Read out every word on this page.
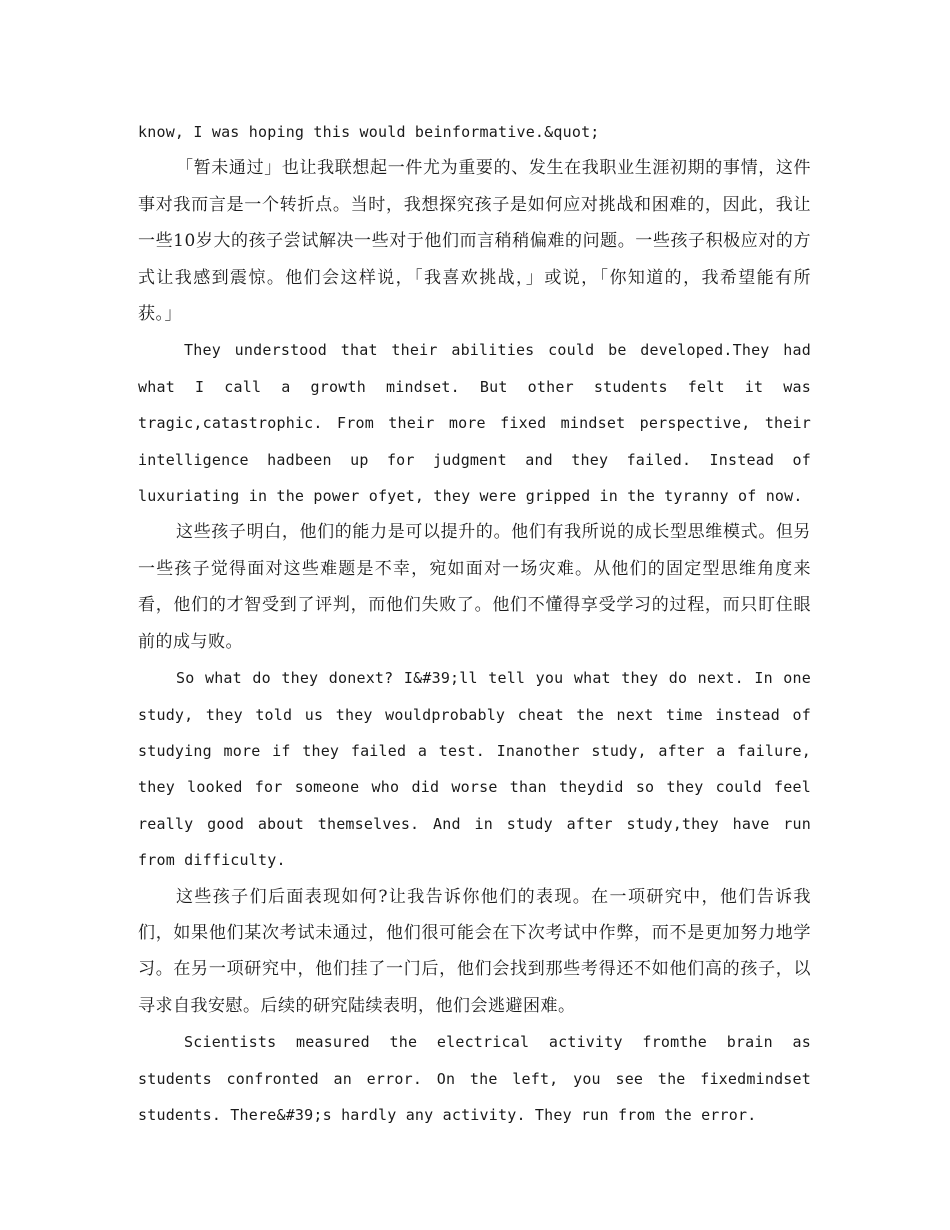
know, I was hoping this would beinformative.&quot;

「暂未通过」也让我联想起一件尤为重要的、发生在我职业生涯初期的事情，这件事对我而言是一个转折点。当时，我想探究孩子是如何应对挑战和困难的，因此，我让一些10岁大的孩子尝试解决一些对于他们而言稍稍偏难的问题。一些孩子积极应对的方式让我感到震惊。他们会这样说，「我喜欢挑战，」或说，「你知道的，我希望能有所获。」

They understood that their abilities could be developed.They had what I call a growth mindset. But other students felt it was tragic,catastrophic. From their more fixed mindset perspective, their intelligence hadbeen up for judgment and they failed. Instead of luxuriating in the power ofyet, they were gripped in the tyranny of now.

这些孩子明白，他们的能力是可以提升的。他们有我所说的成长型思维模式。但另一些孩子觉得面对这些难题是不幸，宛如面对一场灾难。从他们的固定型思维角度来看，他们的才智受到了评判，而他们失败了。他们不懂得享受学习的过程，而只盯住眼前的成与败。

So what do they donext? I&#39;ll tell you what they do next. In one study, they told us they wouldprobably cheat the next time instead of studying more if they failed a test. Inanother study, after a failure, they looked for someone who did worse than theydid so they could feel really good about themselves. And in study after study,they have run from difficulty.

这些孩子们后面表现如何?让我告诉你他们的表现。在一项研究中，他们告诉我们，如果他们某次考试未通过，他们很可能会在下次考试中作弊，而不是更加努力地学习。在另一项研究中，他们挂了一门后，他们会找到那些考得还不如他们高的孩子，以寻求自我安慰。后续的研究陆续表明，他们会逃避困难。

Scientists measured the electrical activity fromthe brain as students confronted an error. On the left, you see the fixedmindset students. There&#39;s hardly any activity. They run from the error.
